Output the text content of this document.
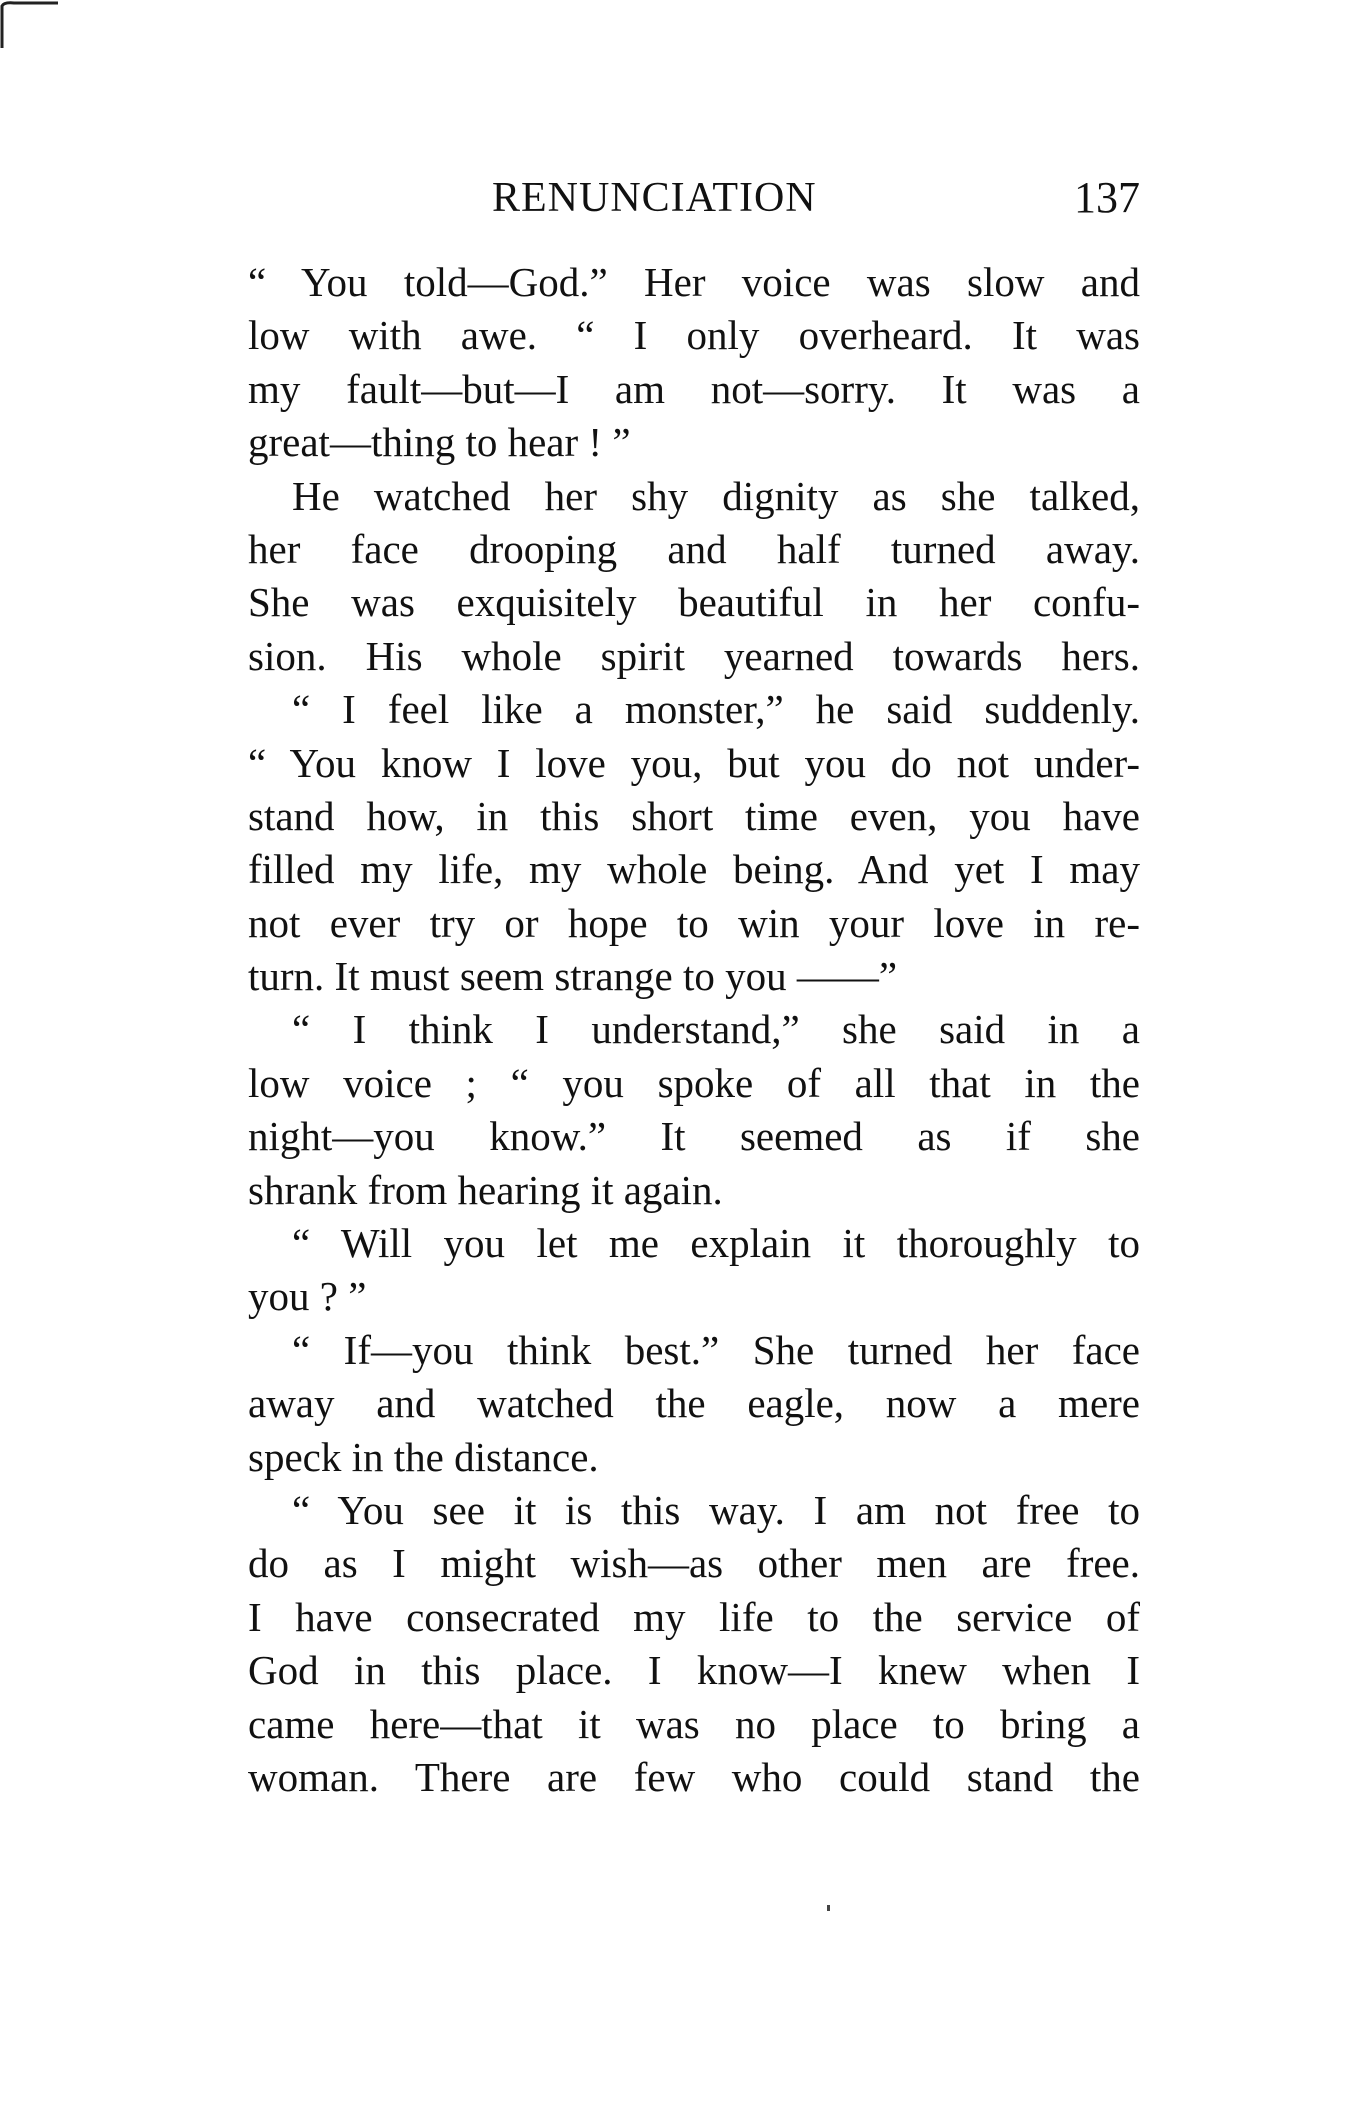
RENUNCIATION	137
“ You told—God.” Her voice was slow and
low with awe. “ I only overheard. It was
my fault—but—I am not—sorry. It was a
great—thing to hear ! ”
He watched her shy dignity as she talked,
her face drooping and half turned away.
She was exquisitely beautiful in her confu-
sion. His whole spirit yearned towards hers.
“ I feel like a monster,” he said suddenly.
“ You know I love you, but you do not under-
stand how, in this short time even, you have
filled my life, my whole being. And yet I may
not ever try or hope to win your love in re-
turn. It must seem strange to you ——”
“ I think I understand,” she said in a
low voice ; “ you spoke of all that in the
night—you know.” It seemed as if she
shrank from hearing it again.
“ Will you let me explain it thoroughly to
you ? ”
“ If—you think best.” She turned her face
away and watched the eagle, now a mere
speck in the distance.
“ You see it is this way. I am not free to
do as I might wish—as other men are free.
I have consecrated my life to the service of
God in this place. I know—I knew when I
came here—that it was no place to bring a
woman. There are few who could stand the
